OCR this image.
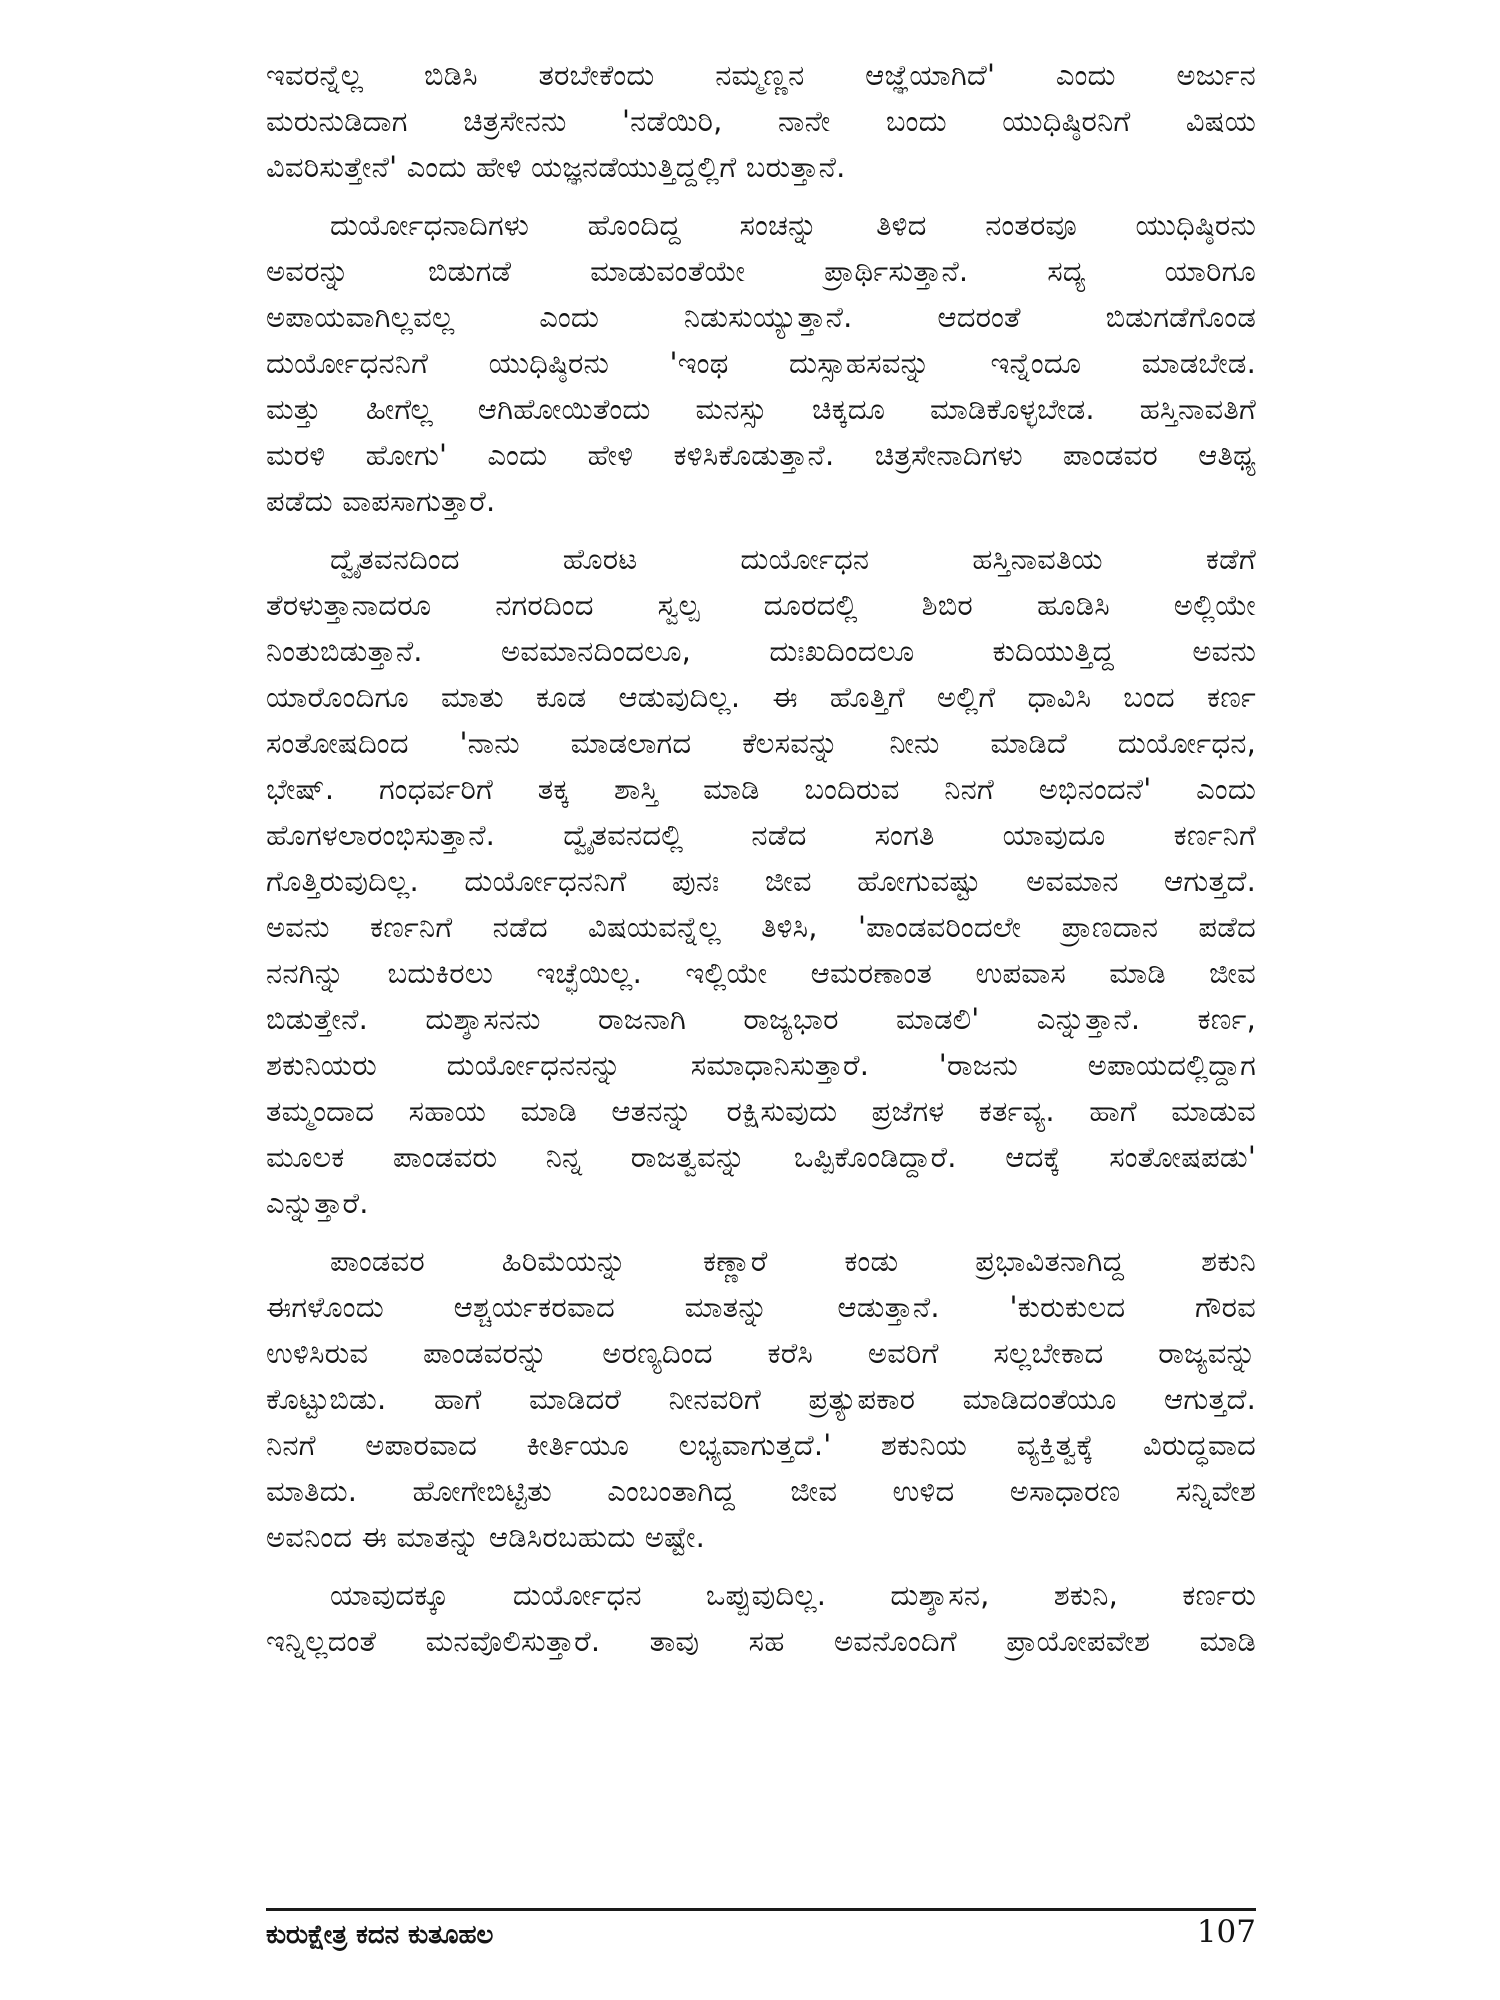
ಇವರನ್ನೆಲ್ಲ ಬಿಡಿಸಿ ತರಬೇಕೆಂದು ನಮ್ಮಣ್ಣನ ಆಜ್ಞೆಯಾಗಿದೆ' ಎಂದು ಅರ್ಜುನ
ಮರುನುಡಿದಾಗ ಚಿತ್ರಸೇನನು 'ನಡೆಯಿರಿ, ನಾನೇ ಬಂದು ಯುಧಿಷ್ಠಿರನಿಗೆ ವಿಷಯ
ವಿವರಿಸುತ್ತೇನೆ' ಎಂದು ಹೇಳಿ ಯಜ್ಞನಡೆಯುತ್ತಿದ್ದಲ್ಲಿಗೆ ಬರುತ್ತಾನೆ.
ದುರ್ಯೋಧನಾದಿಗಳು ಹೊಂದಿದ್ದ ಸಂಚನ್ನು ತಿಳಿದ ನಂತರವೂ ಯುಧಿಷ್ಠಿರನು
ಅವರನ್ನು ಬಿಡುಗಡೆ ಮಾಡುವಂತೆಯೇ ಪ್ರಾರ್ಥಿಸುತ್ತಾನೆ. ಸದ್ಯ ಯಾರಿಗೂ
ಅಪಾಯವಾಗಿಲ್ಲವಲ್ಲ ಎಂದು ನಿಡುಸುಯ್ಯುತ್ತಾನೆ. ಆದರಂತೆ ಬಿಡುಗಡೆಗೊಂಡ
ದುರ್ಯೋಧನನಿಗೆ ಯುಧಿಷ್ಠಿರನು 'ಇಂಥ ದುಸ್ಸಾಹಸವನ್ನು ಇನ್ನೆಂದೂ ಮಾಡಬೇಡ.
ಮತ್ತು ಹೀಗೆಲ್ಲ ಆಗಿಹೋಯಿತೆಂದು ಮನಸ್ಸು ಚಿಕ್ಕದೂ ಮಾಡಿಕೊಳ್ಳಬೇಡ. ಹಸ್ತಿನಾವತಿಗೆ
ಮರಳಿ ಹೋಗು' ಎಂದು ಹೇಳಿ ಕಳಿಸಿಕೊಡುತ್ತಾನೆ. ಚಿತ್ರಸೇನಾದಿಗಳು ಪಾಂಡವರ ಆತಿಥ್ಯ
ಪಡೆದು ವಾಪಸಾಗುತ್ತಾರೆ.
ದ್ವೈತವನದಿಂದ ಹೊರಟ ದುರ್ಯೋಧನ ಹಸ್ತಿನಾವತಿಯ ಕಡೆಗೆ
ತೆರಳುತ್ತಾನಾದರೂ ನಗರದಿಂದ ಸ್ವಲ್ಪ ದೂರದಲ್ಲಿ ಶಿಬಿರ ಹೂಡಿಸಿ ಅಲ್ಲಿಯೇ
ನಿಂತುಬಿಡುತ್ತಾನೆ. ಅವಮಾನದಿಂದಲೂ, ದುಃಖದಿಂದಲೂ ಕುದಿಯುತ್ತಿದ್ದ ಅವನು
ಯಾರೊಂದಿಗೂ ಮಾತು ಕೂಡ ಆಡುವುದಿಲ್ಲ. ಈ ಹೊತ್ತಿಗೆ ಅಲ್ಲಿಗೆ ಧಾವಿಸಿ ಬಂದ ಕರ್ಣ
ಸಂತೋಷದಿಂದ 'ನಾನು ಮಾಡಲಾಗದ ಕೆಲಸವನ್ನು ನೀನು ಮಾಡಿದೆ ದುರ್ಯೋಧನ,
ಭೇಷ್. ಗಂಧರ್ವರಿಗೆ ತಕ್ಕ ಶಾಸ್ತಿ ಮಾಡಿ ಬಂದಿರುವ ನಿನಗೆ ಅಭಿನಂದನೆ' ಎಂದು
ಹೊಗಳಲಾರಂಭಿಸುತ್ತಾನೆ. ದ್ವೈತವನದಲ್ಲಿ ನಡೆದ ಸಂಗತಿ ಯಾವುದೂ ಕರ್ಣನಿಗೆ
ಗೊತ್ತಿರುವುದಿಲ್ಲ. ದುರ್ಯೋಧನನಿಗೆ ಪುನಃ ಜೀವ ಹೋಗುವಷ್ಟು ಅವಮಾನ ಆಗುತ್ತದೆ.
ಅವನು ಕರ್ಣನಿಗೆ ನಡೆದ ವಿಷಯವನ್ನೆಲ್ಲ ತಿಳಿಸಿ, 'ಪಾಂಡವರಿಂದಲೇ ಪ್ರಾಣದಾನ ಪಡೆದ
ನನಗಿನ್ನು ಬದುಕಿರಲು ಇಚ್ಛೆಯಿಲ್ಲ. ಇಲ್ಲಿಯೇ ಆಮರಣಾಂತ ಉಪವಾಸ ಮಾಡಿ ಜೀವ
ಬಿಡುತ್ತೇನೆ. ದುಶ್ಶಾಸನನು ರಾಜನಾಗಿ ರಾಜ್ಯಭಾರ ಮಾಡಲಿ' ಎನ್ನುತ್ತಾನೆ. ಕರ್ಣ,
ಶಕುನಿಯರು ದುರ್ಯೋಧನನನ್ನು ಸಮಾಧಾನಿಸುತ್ತಾರೆ. 'ರಾಜನು ಅಪಾಯದಲ್ಲಿದ್ದಾಗ
ತಮ್ಮಂದಾದ ಸಹಾಯ ಮಾಡಿ ಆತನನ್ನು ರಕ್ಷಿಸುವುದು ಪ್ರಜೆಗಳ ಕರ್ತವ್ಯ. ಹಾಗೆ ಮಾಡುವ
ಮೂಲಕ ಪಾಂಡವರು ನಿನ್ನ ರಾಜತ್ವವನ್ನು ಒಪ್ಪಿಕೊಂಡಿದ್ದಾರೆ. ಆದಕ್ಕೆ ಸಂತೋಷಪಡು'
ಎನ್ನುತ್ತಾರೆ.
ಪಾಂಡವರ ಹಿರಿಮೆಯನ್ನು ಕಣ್ಣಾರೆ ಕಂಡು ಪ್ರಭಾವಿತನಾಗಿದ್ದ ಶಕುನಿ
ಈಗಳೊಂದು ಆಶ್ಚರ್ಯಕರವಾದ ಮಾತನ್ನು ಆಡುತ್ತಾನೆ. 'ಕುರುಕುಲದ ಗೌರವ
ಉಳಿಸಿರುವ ಪಾಂಡವರನ್ನು ಅರಣ್ಯದಿಂದ ಕರೆಸಿ ಅವರಿಗೆ ಸಲ್ಲಬೇಕಾದ ರಾಜ್ಯವನ್ನು
ಕೊಟ್ಟುಬಿಡು. ಹಾಗೆ ಮಾಡಿದರೆ ನೀನವರಿಗೆ ಪ್ರತ್ಯುಪಕಾರ ಮಾಡಿದಂತೆಯೂ ಆಗುತ್ತದೆ.
ನಿನಗೆ ಅಪಾರವಾದ ಕೀರ್ತಿಯೂ ಲಭ್ಯವಾಗುತ್ತದೆ.' ಶಕುನಿಯ ವ್ಯಕ್ತಿತ್ವಕ್ಕೆ ವಿರುದ್ಧವಾದ
ಮಾತಿದು. ಹೋಗೇಬಿಟ್ಟಿತು ಎಂಬಂತಾಗಿದ್ದ ಜೀವ ಉಳಿದ ಅಸಾಧಾರಣ ಸನ್ನಿವೇಶ
ಅವನಿಂದ ಈ ಮಾತನ್ನು ಆಡಿಸಿರಬಹುದು ಅಷ್ಟೇ.
ಯಾವುದಕ್ಕೂ ದುರ್ಯೋಧನ ಒಪ್ಪುವುದಿಲ್ಲ. ದುಶ್ಶಾಸನ, ಶಕುನಿ, ಕರ್ಣರು
ಇನ್ನಿಲ್ಲದಂತೆ ಮನವೊಲಿಸುತ್ತಾರೆ. ತಾವು ಸಹ ಅವನೊಂದಿಗೆ ಪ್ರಾಯೋಪವೇಶ ಮಾಡಿ
ಕುರುಕ್ಷೇತ್ರ ಕದನ ಕುತೂಹಲ	107
